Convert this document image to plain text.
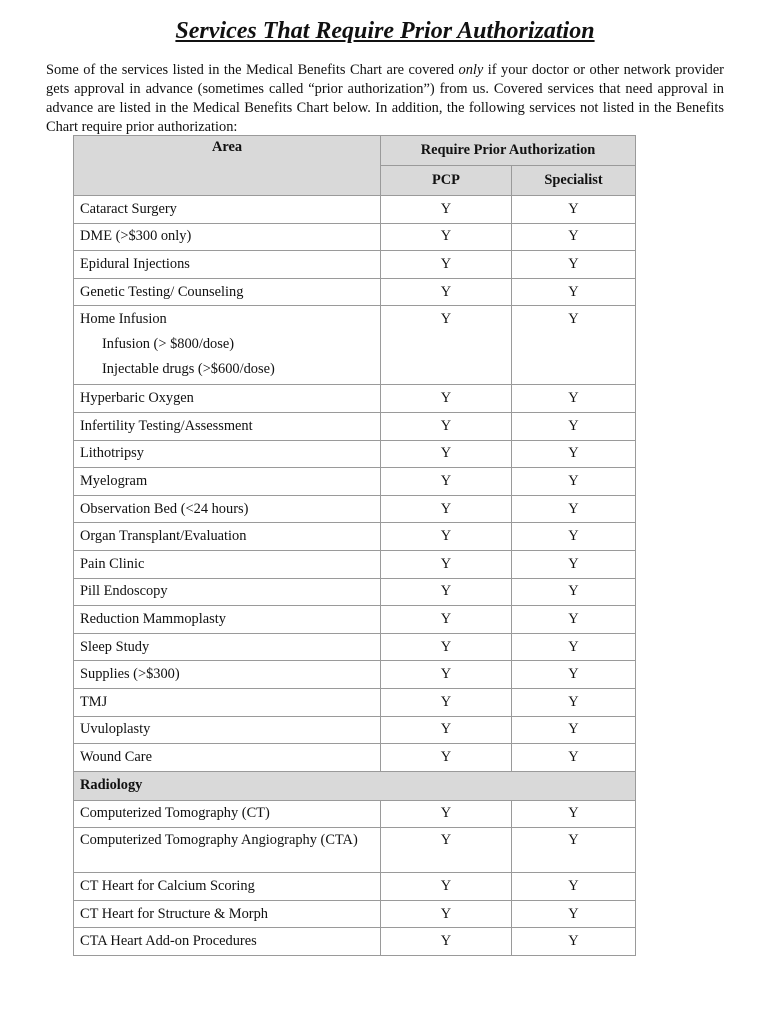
Services That Require Prior Authorization

Some of the services listed in the Medical Benefits Chart are covered only if your doctor or other network provider gets approval in advance (sometimes called “prior authorization”) from us. Covered services that need approval in advance are listed in the Medical Benefits Chart below. In addition, the following services not listed in the Benefits Chart require prior authorization:

Area	Require Prior Authorization	
	PCP	Specialist
Cataract Surgery	Y	Y
DME (>$300 only)	Y	Y
Epidural Injections	Y	Y
Genetic Testing/ Counseling	Y	Y

Home Infusion
Infusion (> $800/dose)
Injectable drugs (>$600/dose)	Y	Y
Hyperbaric Oxygen	Y	Y
Infertility Testing/Assessment	Y	Y
Lithotripsy	Y	Y
Myelogram	Y	Y
Observation Bed (<24 hours)	Y	Y
Organ Transplant/Evaluation	Y	Y
Pain Clinic	Y	Y
Pill Endoscopy	Y	Y
Reduction Mammoplasty	Y	Y
Sleep Study	Y	Y
Supplies (>$300)	Y	Y
TMJ	Y	Y
Uvuloplasty	Y	Y
Wound Care	Y	Y
Radiology		
Computerized Tomography (CT)	Y	Y
Computerized Tomography Angiography (CTA)	Y	Y
CT Heart for Calcium Scoring	Y	Y
CT Heart for Structure & Morph	Y	Y
CTA Heart Add-on Procedures	Y	Y
